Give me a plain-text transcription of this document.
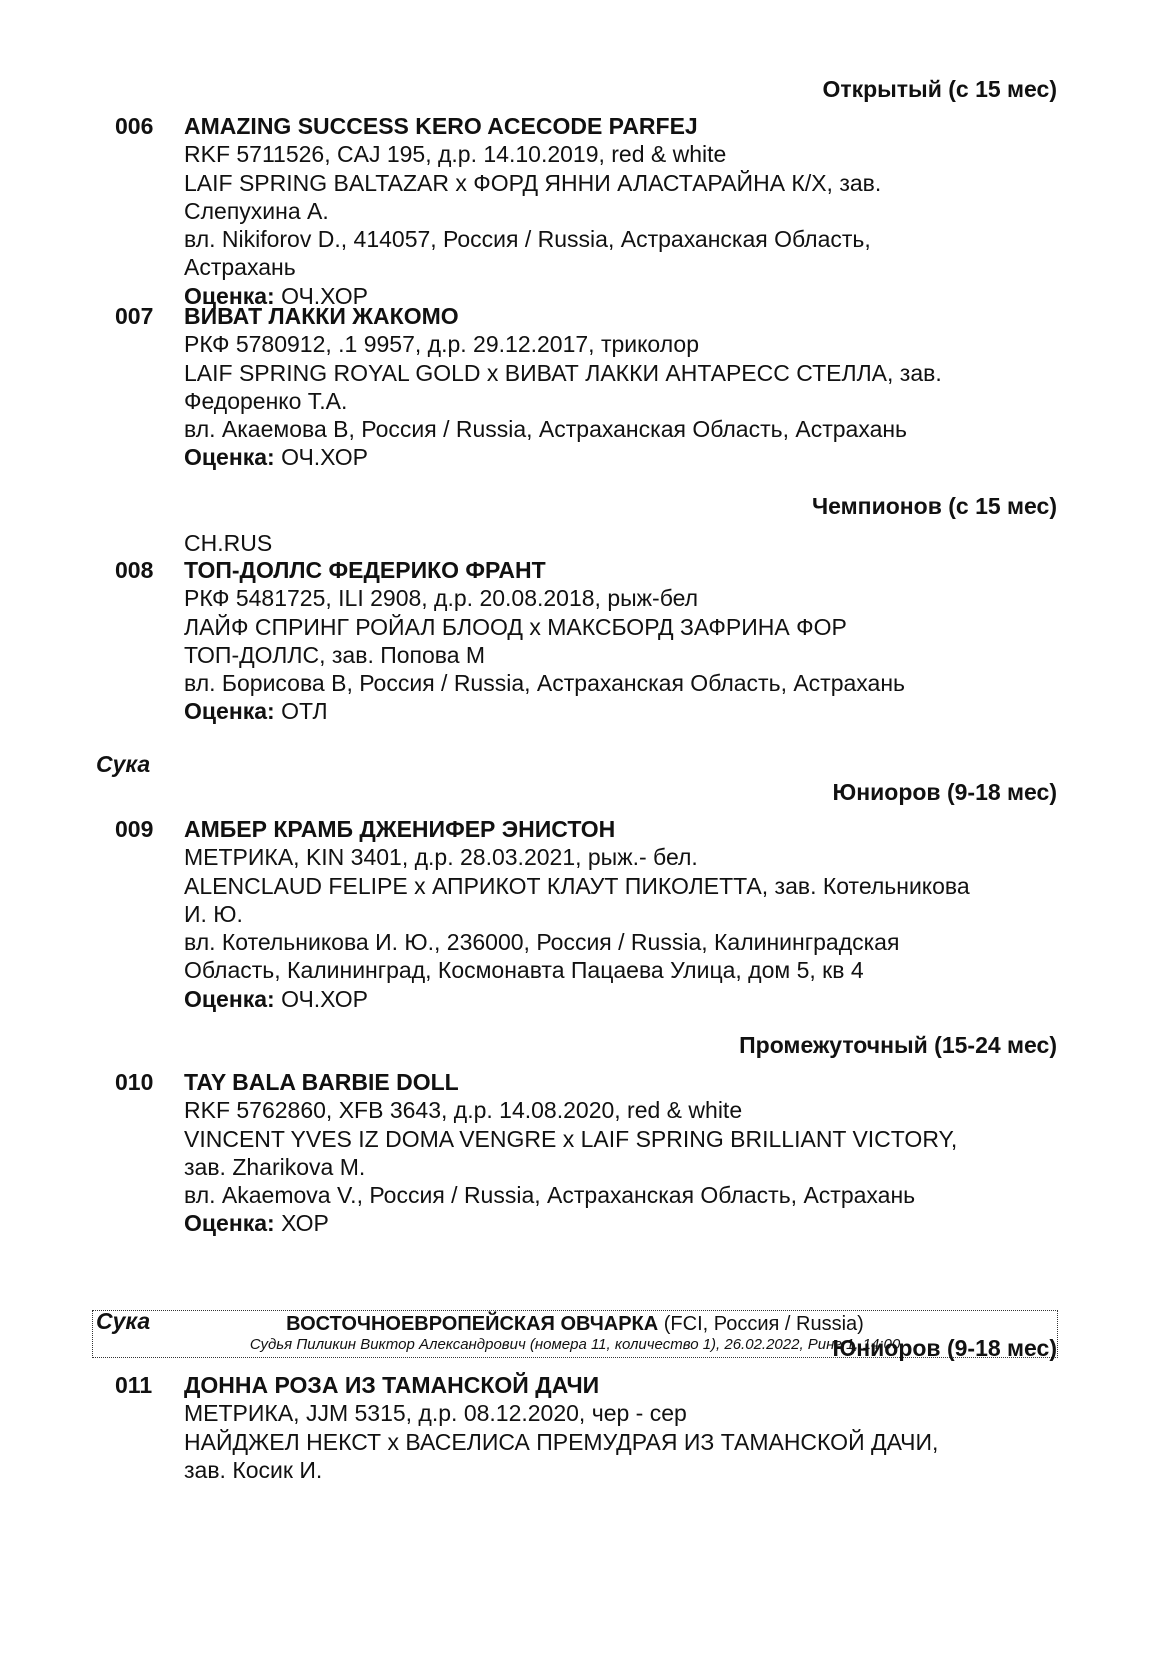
Открытый (с 15 мес)
006 AMAZING SUCCESS KERO ACECODE PARFEJ
RKF 5711526, CAJ 195, д.р. 14.10.2019, red & white
LAIF SPRING BALTAZAR x ФОРД ЯННИ АЛАСТАРАЙНА К/Х, зав.
Слепухина А.
вл. Nikiforov D., 414057, Россия / Russia, Астраханская Область,
Астрахань
Оценка: ОЧ.ХОР
007 ВИВАТ ЛАККИ ЖАКОМО
РКФ 5780912, .1 9957, д.р. 29.12.2017, триколор
LAIF SPRING ROYAL GOLD x ВИВАТ ЛАККИ АНТАРЕСС СТЕЛЛА, зав.
Федоренко Т.А.
вл. Акаемова В, Россия / Russia, Астраханская Область, Астрахань
Оценка: ОЧ.ХОР
Чемпионов (с 15 мес)
CH.RUS
008 ТОП-ДОЛЛС ФЕДЕРИКО ФРАНТ
РКФ 5481725, ILI 2908, д.р. 20.08.2018, рыж-бел
ЛАЙФ СПРИНГ РОЙАЛ БЛООД x МАКСБОРД ЗАФРИНА ФОР
ТОП-ДОЛЛС, зав. Попова М
вл. Борисова В, Россия / Russia, Астраханская Область, Астрахань
Оценка: ОТЛ
Сука
Юниоров (9-18 мес)
009 АМБЕР КРАМБ ДЖЕНИФЕР ЭНИСТОН
МЕТРИКА, KIN 3401, д.р. 28.03.2021, рыж.- бел.
ALENCLAUD FELIPE x АПРИКОТ КЛАУТ ПИКОЛЕТТА, зав. Котельникова
И. Ю.
вл. Котельникова И. Ю., 236000, Россия / Russia, Калининградская
Область, Калининград, Космонавта Пацаева Улица, дом 5, кв 4
Оценка: ОЧ.ХОР
Промежуточный (15-24 мес)
010 TAY BALA BARBIE DOLL
RKF 5762860, XFB 3643, д.р. 14.08.2020, red & white
VINCENT YVES IZ DOMA VENGRE x LAIF SPRING BRILLIANT VICTORY,
зав. Zharikova M.
вл. Akaemova V., Россия / Russia, Астраханская Область, Астрахань
Оценка: ХОР
ВОСТОЧНОЕВРОПЕЙСКАЯ ОВЧАРКА (FCI, Россия / Russia)
Судья Пиликин Виктор Александрович (номера 11, количество 1), 26.02.2022, Ринг 1, 14:00
Сука
Юниоров (9-18 мес)
011 ДОННА РОЗА ИЗ ТАМАНСКОЙ ДАЧИ
МЕТРИКА, JJM 5315, д.р. 08.12.2020, чер - сер
НАЙДЖЕЛ НЕКСТ x ВАСЕЛИСА ПРЕМУДРАЯ ИЗ ТАМАНСКОЙ ДАЧИ,
зав. Косик И.
